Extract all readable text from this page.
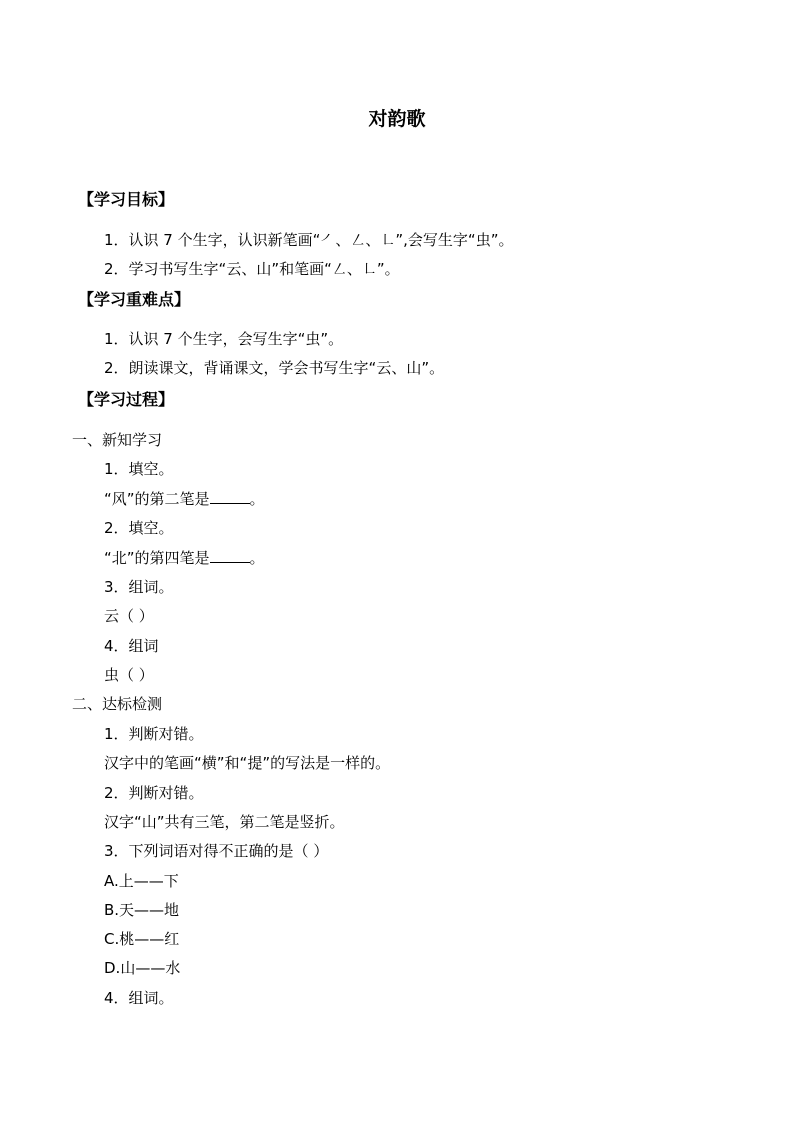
对韵歌
【学习目标】
1．认识 7 个生字，认识新笔画“㇒、㇜、㇗”,会写生字“虫”。
2．学习书写生字“云、山”和笔画“㇜、㇗”。
【学习重难点】
1．认识 7 个生字，会写生字“虫”。
2．朗读课文，背诵课文，学会书写生字“云、山”。
【学习过程】
一、新知学习
1．填空。
“风”的第二笔是	。
2．填空。
“北”的第四笔是	。
3．组词。
云（ ）
4．组词
虫（ ）
二、达标检测
1．判断对错。
汉字中的笔画“横”和“提”的写法是一样的。
2．判断对错。
汉字“山”共有三笔，第二笔是竖折。
3．下列词语对得不正确的是（ ）
A.上——下
B.天——地
C.桃——红
D.山——水
4．组词。
